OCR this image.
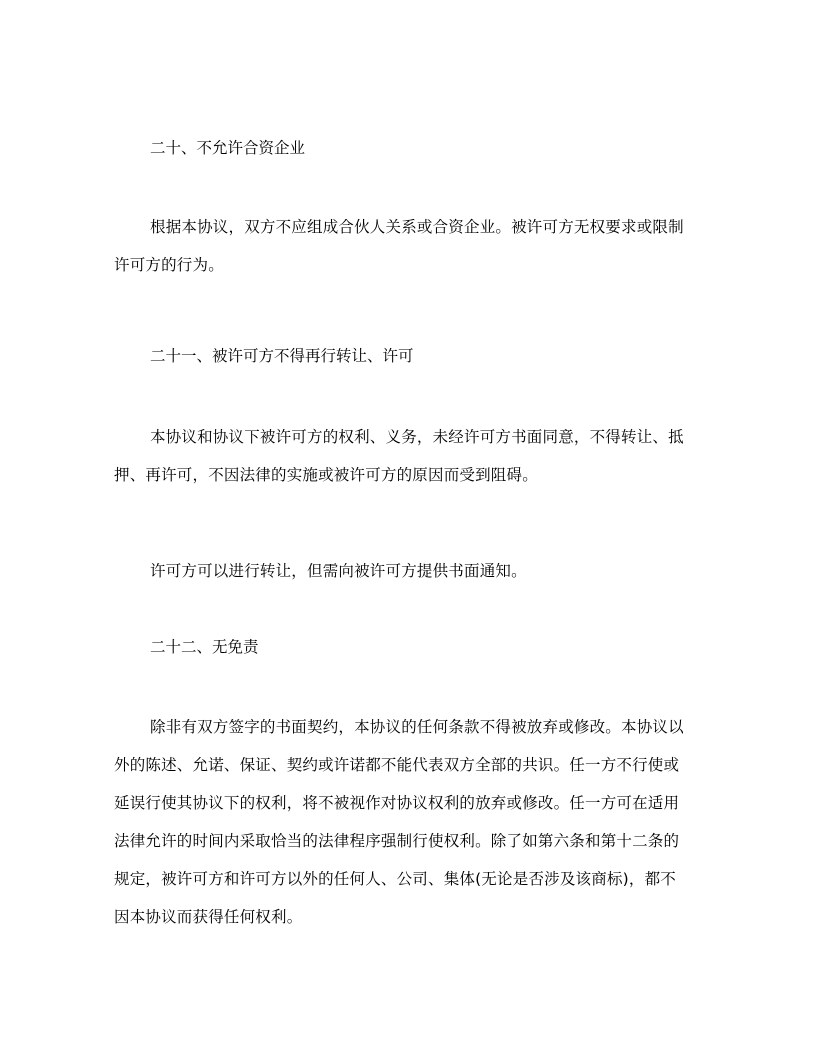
二十、不允许合资企业
根据本协议，双方不应组成合伙人关系或合资企业。被许可方无权要求或限制
许可方的行为。
二十一、被许可方不得再行转让、许可
本协议和协议下被许可方的权利、义务，未经许可方书面同意，不得转让、抵
押、再许可，不因法律的实施或被许可方的原因而受到阻碍。
许可方可以进行转让，但需向被许可方提供书面通知。
二十二、无免责
除非有双方签字的书面契约，本协议的任何条款不得被放弃或修改。本协议以
外的陈述、允诺、保证、契约或许诺都不能代表双方全部的共识。任一方不行使或
延误行使其协议下的权利，将不被视作对协议权利的放弃或修改。任一方可在适用
法律允许的时间内采取恰当的法律程序强制行使权利。除了如第六条和第十二条的
规定，被许可方和许可方以外的任何人、公司、集体(无论是否涉及该商标)，都不
因本协议而获得任何权利。
